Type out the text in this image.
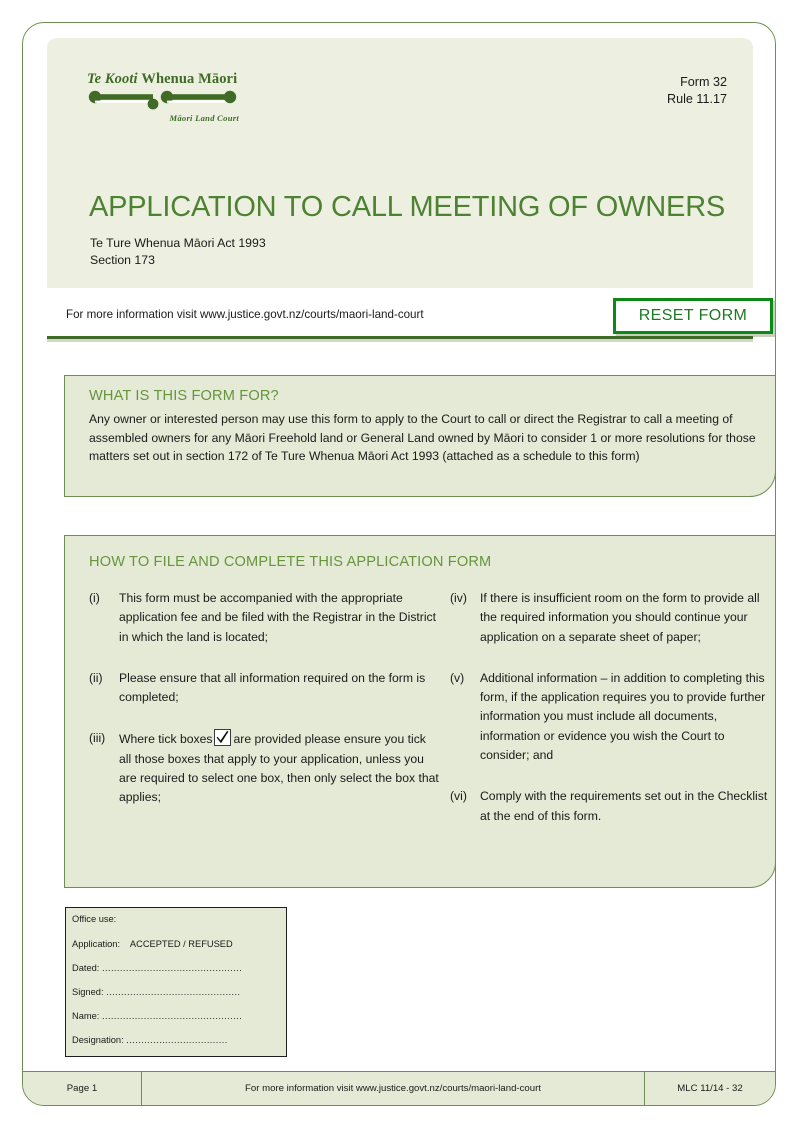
Te Kooti Whenua Māori
Māori Land Court
Form 32
Rule 11.17
APPLICATION TO CALL MEETING OF OWNERS
Te Ture Whenua Māori Act 1993
Section 173
For more information visit www.justice.govt.nz/courts/maori-land-court	RESET FORM
WHAT IS THIS FORM FOR?
Any owner or interested person may use this form to apply to the Court to call or direct the Registrar to call a meeting of assembled owners for any Māori Freehold land or General Land owned by Māori to consider 1 or more resolutions for those matters set out in section 172 of Te Ture Whenua Māori Act 1993 (attached as a schedule to this form)
HOW TO FILE AND COMPLETE THIS APPLICATION FORM
(i)	This form must be accompanied with the appropriate application fee and be filed with the Registrar in the District in which the land is located;
(ii)	Please ensure that all information required on the form is completed;
(iii)	Where tick boxes are provided please ensure you tick all those boxes that apply to your application, unless you are required to select one box, then only select the box that applies;
(iv)	If there is insufficient room on the form to provide all the required information you should continue your application on a separate sheet of paper;
(v)	Additional information – in addition to completing this form, if the application requires you to provide further information you must include all documents, information or evidence you wish the Court to consider; and
(vi)	Comply with the requirements set out in the Checklist at the end of this form.
Office use:
Application: ACCEPTED / REFUSED
Dated: ...............................................
Signed: .............................................
Name: ...............................................
Designation: ..................................
Page 1	For more information visit www.justice.govt.nz/courts/maori-land-court	MLC 11/14 - 32
